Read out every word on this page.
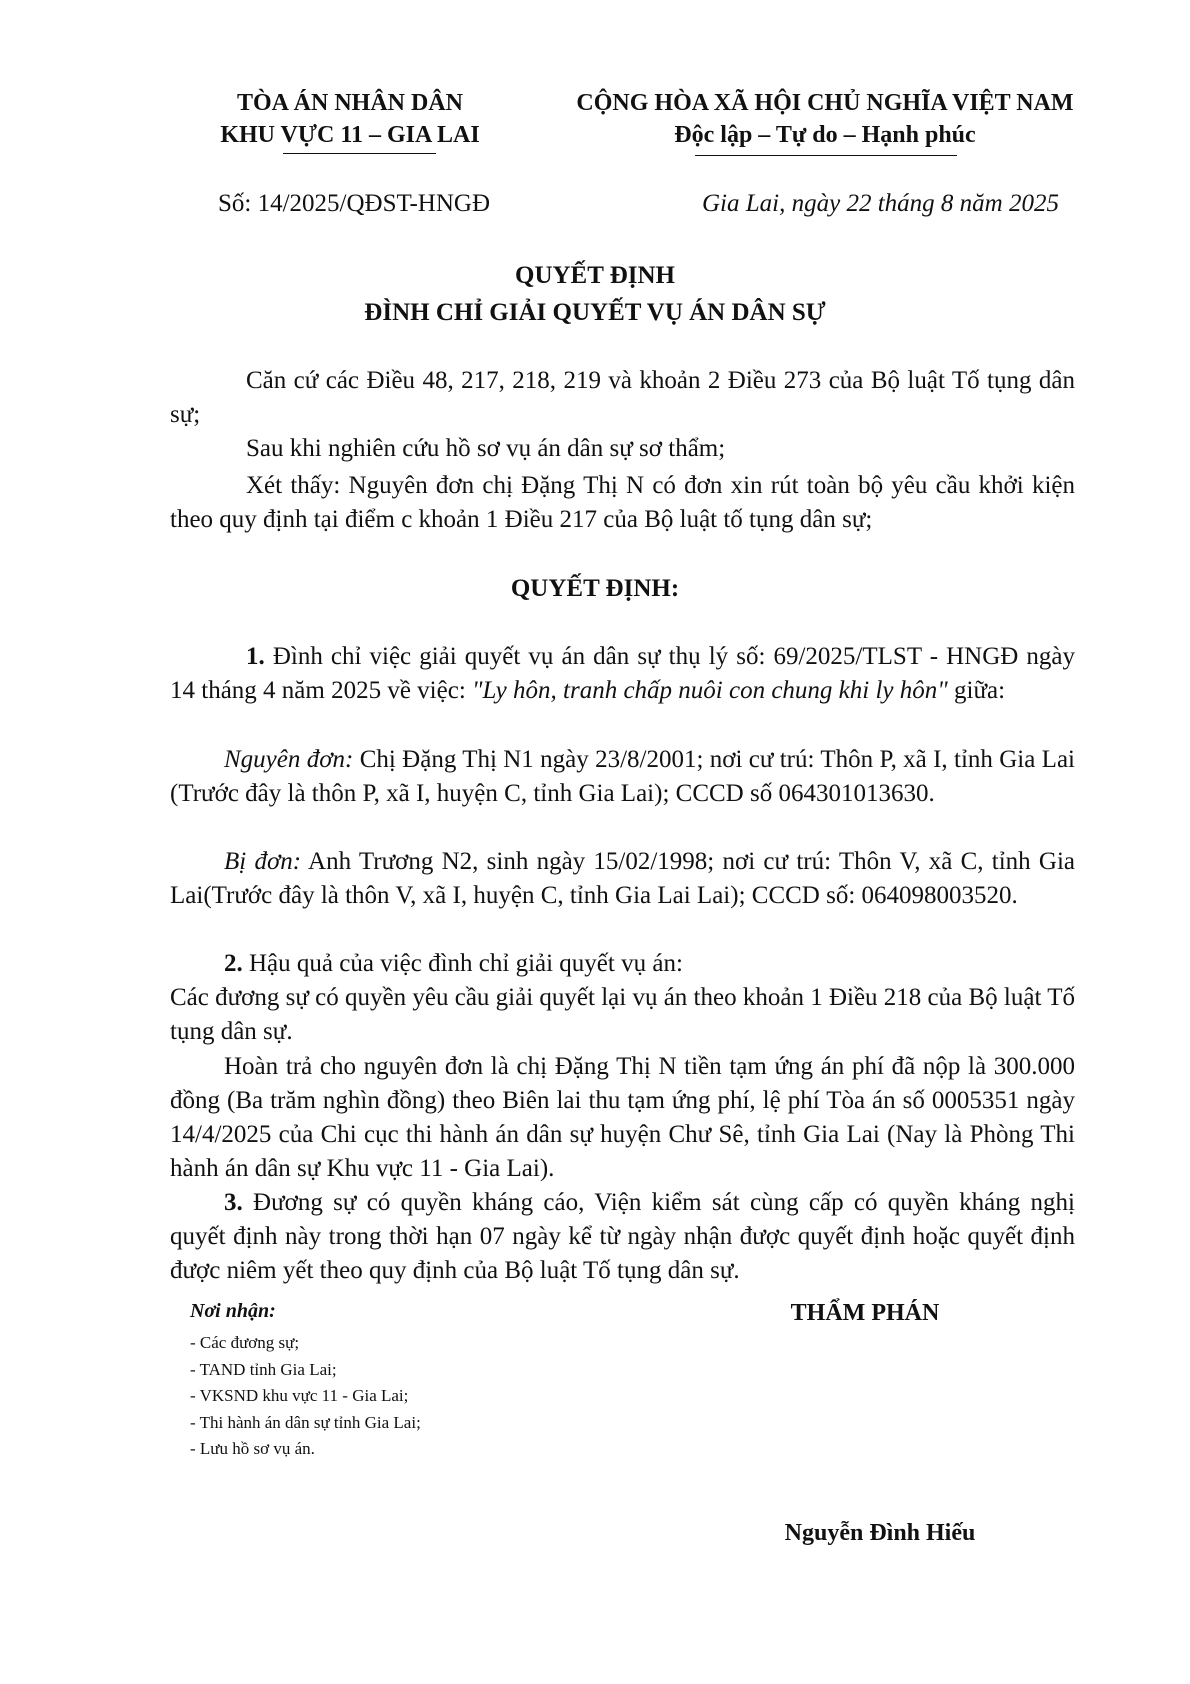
TÒA ÁN NHÂN DÂN
KHU VỰC 11 – GIA LAI
CỘNG HÒA XÃ HỘI CHỦ NGHĨA VIỆT NAM
Độc lập – Tự do – Hạnh phúc
Số: 14/2025/QĐST-HNGĐ	Gia Lai, ngày 22 tháng 8 năm 2025
QUYẾT ĐỊNH
ĐÌNH CHỈ GIẢI QUYẾT VỤ ÁN DÂN SỰ
Căn cứ các Điều 48, 217, 218, 219 và khoản 2 Điều 273 của Bộ luật Tố tụng dân sự;
Sau khi nghiên cứu hồ sơ vụ án dân sự sơ thẩm;
Xét thấy: Nguyên đơn chị Đặng Thị N có đơn xin rút toàn bộ yêu cầu khởi kiện theo quy định tại điểm c khoản 1 Điều 217 của Bộ luật tố tụng dân sự;
QUYẾT ĐỊNH:
1. Đình chỉ việc giải quyết vụ án dân sự thụ lý số: 69/2025/TLST - HNGĐ ngày 14 tháng 4 năm 2025 về việc: "Ly hôn, tranh chấp nuôi con chung khi ly hôn" giữa:
Nguyên đơn: Chị Đặng Thị N1 ngày 23/8/2001; nơi cư trú: Thôn P, xã I, tỉnh Gia Lai (Trước đây là thôn P, xã I, huyện C, tỉnh Gia Lai); CCCD số 064301013630.
Bị đơn: Anh Trương N2, sinh ngày 15/02/1998; nơi cư trú: Thôn V, xã C, tỉnh Gia Lai(Trước đây là thôn V, xã I, huyện C, tỉnh Gia Lai Lai); CCCD số: 064098003520.
2. Hậu quả của việc đình chỉ giải quyết vụ án:
Các đương sự có quyền yêu cầu giải quyết lại vụ án theo khoản 1 Điều 218 của Bộ luật Tố tụng dân sự.
Hoàn trả cho nguyên đơn là chị Đặng Thị N tiền tạm ứng án phí đã nộp là 300.000 đồng (Ba trăm nghìn đồng) theo Biên lai thu tạm ứng phí, lệ phí Tòa án số 0005351 ngày 14/4/2025 của Chi cục thi hành án dân sự huyện Chư Sê, tỉnh Gia Lai (Nay là Phòng Thi hành án dân sự Khu vực 11 - Gia Lai).
3. Đương sự có quyền kháng cáo, Viện kiểm sát cùng cấp có quyền kháng nghị quyết định này trong thời hạn 07 ngày kể từ ngày nhận được quyết định hoặc quyết định được niêm yết theo quy định của Bộ luật Tố tụng dân sự.
Nơi nhận:
- Các đương sự;
- TAND tỉnh Gia Lai;
- VKSND khu vực 11 - Gia Lai;
- Thi hành án dân sự tỉnh Gia Lai;
- Lưu hồ sơ vụ án.
THẨM PHÁN
Nguyễn Đình Hiếu
